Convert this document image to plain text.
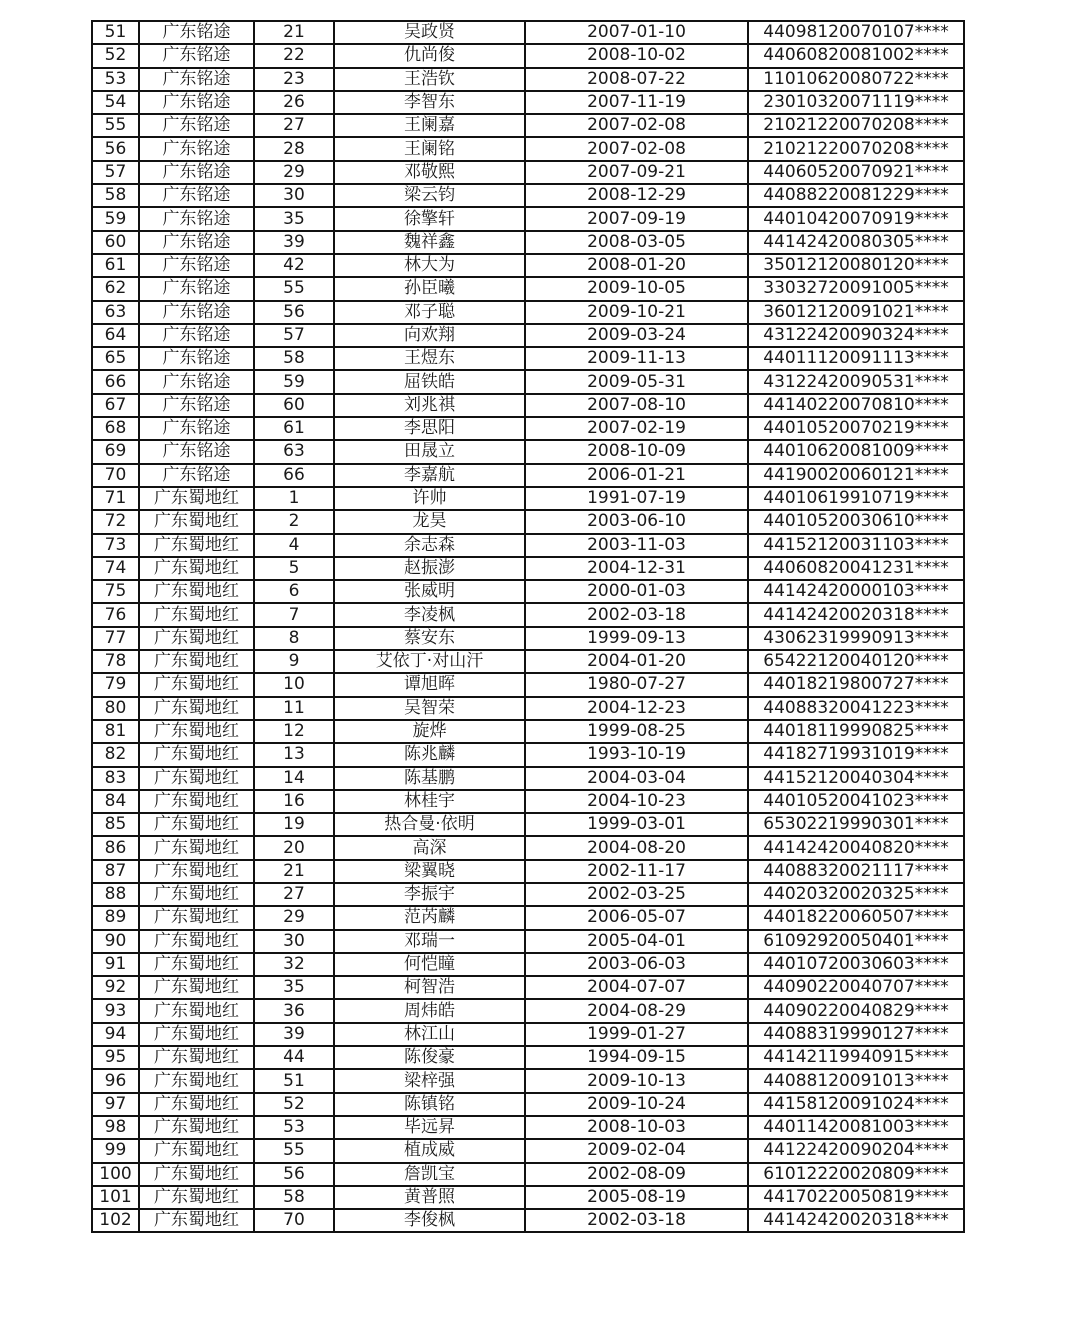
51	广东铭途	21	吴政贤	2007-01-10	44098120070107****
52	广东铭途	22	仇尚俊	2008-10-02	44060820081002****
53	广东铭途	23	王浩钦	2008-07-22	11010620080722****
54	广东铭途	26	李智东	2007-11-19	23010320071119****
55	广东铭途	27	王阑嘉	2007-02-08	21021220070208****
56	广东铭途	28	王阑铭	2007-02-08	21021220070208****
57	广东铭途	29	邓敬熙	2007-09-21	44060520070921****
58	广东铭途	30	梁云钧	2008-12-29	44088220081229****
59	广东铭途	35	徐擎轩	2007-09-19	44010420070919****
60	广东铭途	39	魏祥鑫	2008-03-05	44142420080305****
61	广东铭途	42	林大为	2008-01-20	35012120080120****
62	广东铭途	55	孙臣曦	2009-10-05	33032720091005****
63	广东铭途	56	邓子聪	2009-10-21	36012120091021****
64	广东铭途	57	向欢翔	2009-03-24	43122420090324****
65	广东铭途	58	王煜东	2009-11-13	44011120091113****
66	广东铭途	59	屈铁皓	2009-05-31	43122420090531****
67	广东铭途	60	刘兆祺	2007-08-10	44140220070810****
68	广东铭途	61	李思阳	2007-02-19	44010520070219****
69	广东铭途	63	田晟立	2008-10-09	44010620081009****
70	广东铭途	66	李嘉航	2006-01-21	44190020060121****
71	广东蜀地红	1	许帅	1991-07-19	44010619910719****
72	广东蜀地红	2	龙昊	2003-06-10	44010520030610****
73	广东蜀地红	4	余志森	2003-11-03	44152120031103****
74	广东蜀地红	5	赵振澎	2004-12-31	44060820041231****
75	广东蜀地红	6	张威明	2000-01-03	44142420000103****
76	广东蜀地红	7	李凌枫	2002-03-18	44142420020318****
77	广东蜀地红	8	蔡安东	1999-09-13	43062319990913****
78	广东蜀地红	9	艾依丁·对山汗	2004-01-20	65422120040120****
79	广东蜀地红	10	谭旭晖	1980-07-27	44018219800727****
80	广东蜀地红	11	吴智荣	2004-12-23	44088320041223****
81	广东蜀地红	12	旋烨	1999-08-25	44018119990825****
82	广东蜀地红	13	陈兆麟	1993-10-19	44182719931019****
83	广东蜀地红	14	陈基鹏	2004-03-04	44152120040304****
84	广东蜀地红	16	林桂宇	2004-10-23	44010520041023****
85	广东蜀地红	19	热合曼·依明	1999-03-01	65302219990301****
86	广东蜀地红	20	高深	2004-08-20	44142420040820****
87	广东蜀地红	21	梁翼晓	2002-11-17	44088320021117****
88	广东蜀地红	27	李振宇	2002-03-25	44020320020325****
89	广东蜀地红	29	范芮麟	2006-05-07	44018220060507****
90	广东蜀地红	30	邓瑞一	2005-04-01	61092920050401****
91	广东蜀地红	32	何恺瞳	2003-06-03	44010720030603****
92	广东蜀地红	35	柯智浩	2004-07-07	44090220040707****
93	广东蜀地红	36	周炜皓	2004-08-29	44090220040829****
94	广东蜀地红	39	林江山	1999-01-27	44088319990127****
95	广东蜀地红	44	陈俊豪	1994-09-15	44142119940915****
96	广东蜀地红	51	梁梓强	2009-10-13	44088120091013****
97	广东蜀地红	52	陈镇铭	2009-10-24	44158120091024****
98	广东蜀地红	53	毕远昇	2008-10-03	44011420081003****
99	广东蜀地红	55	植成威	2009-02-04	44122420090204****
100	广东蜀地红	56	詹凯宝	2002-08-09	61012220020809****
101	广东蜀地红	58	黄普照	2005-08-19	44170220050819****
102	广东蜀地红	70	李俊枫	2002-03-18	44142420020318****
